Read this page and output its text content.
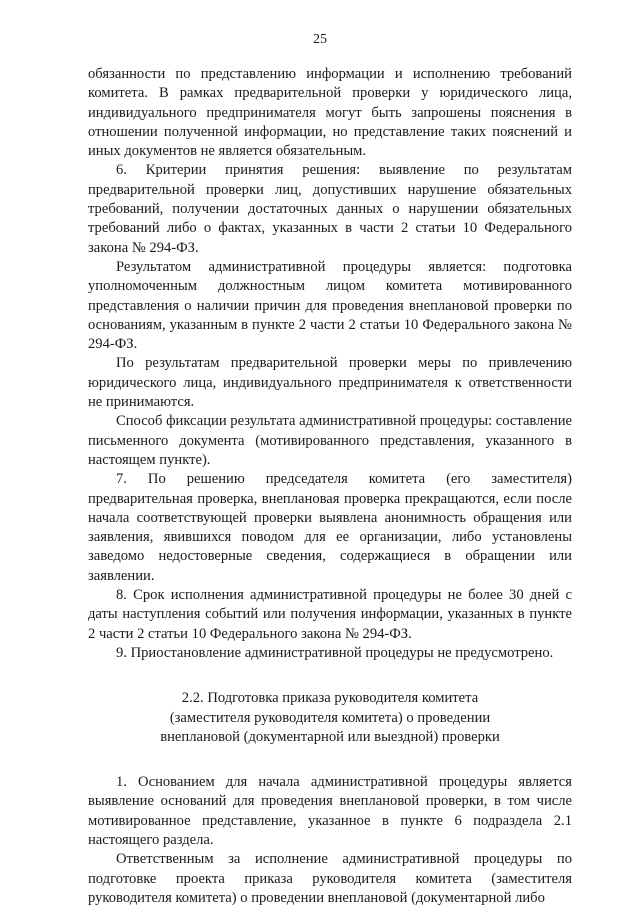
25

обязанности по представлению информации и исполнению требований комитета. В рамках предварительной проверки у юридического лица, индивидуального предпринимателя могут быть запрошены пояснения в отношении полученной информации, но представление таких пояснений и иных документов не является обязательным.

6. Критерии принятия решения: выявление по результатам предварительной проверки лиц, допустивших нарушение обязательных требований, получении достаточных данных о нарушении обязательных требований либо о фактах, указанных в части 2 статьи 10 Федерального закона № 294-ФЗ.

Результатом административной процедуры является: подготовка уполномоченным должностным лицом комитета мотивированного представления о наличии причин для проведения внеплановой проверки по основаниям, указанным в пункте 2 части 2 статьи 10 Федерального закона № 294-ФЗ.

По результатам предварительной проверки меры по привлечению юридического лица, индивидуального предпринимателя к ответственности не принимаются.

Способ фиксации результата административной процедуры: составление письменного документа (мотивированного представления, указанного в настоящем пункте).

7. По решению председателя комитета (его заместителя) предварительная проверка, внеплановая проверка прекращаются, если после начала соответствующей проверки выявлена анонимность обращения или заявления, явившихся поводом для ее организации, либо установлены заведомо недостоверные сведения, содержащиеся в обращении или заявлении.

8. Срок исполнения административной процедуры не более 30 дней с даты наступления событий или получения информации, указанных в пункте 2 части 2 статьи 10 Федерального закона № 294-ФЗ.

9. Приостановление административной процедуры не предусмотрено.

2.2. Подготовка приказа руководителя комитета
(заместителя руководителя комитета) о проведении
внеплановой (документарной или выездной) проверки

1. Основанием для начала административной процедуры является выявление оснований для проведения внеплановой проверки, в том числе мотивированное представление, указанное в пункте 6 подраздела 2.1 настоящего раздела.

Ответственным за исполнение административной процедуры по подготовке проекта приказа руководителя комитета (заместителя руководителя комитета) о проведении внеплановой (документарной либо
